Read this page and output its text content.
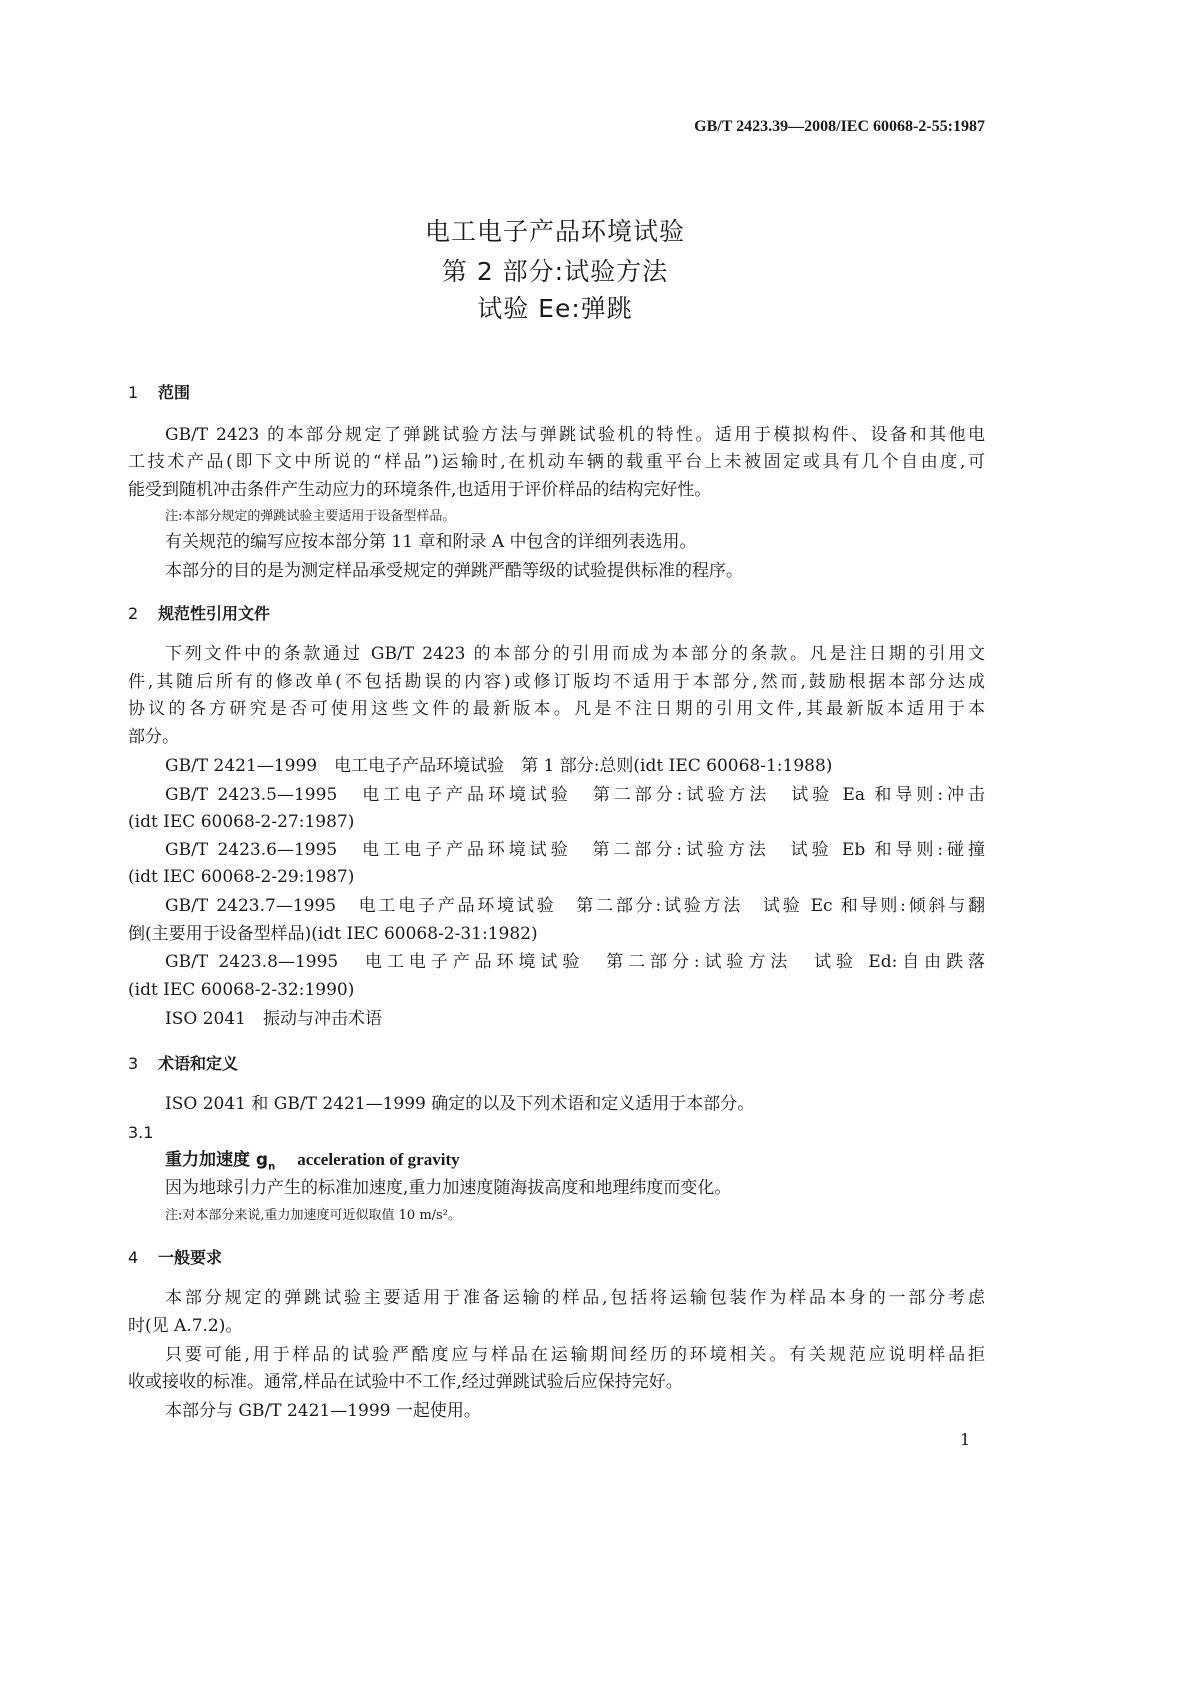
GB/T 2423.39—2008/IEC 60068-2-55:1987
电工电子产品环境试验
第 2 部分:试验方法
试验 Ee:弹跳
1 范围
GB/T 2423 的本部分规定了弹跳试验方法与弹跳试验机的特性。适用于模拟构件、设备和其他电
工技术产品(即下文中所说的“样品”)运输时,在机动车辆的载重平台上未被固定或具有几个自由度,可
能受到随机冲击条件产生动应力的环境条件,也适用于评价样品的结构完好性。
注:本部分规定的弹跳试验主要适用于设备型样品。
有关规范的编写应按本部分第 11 章和附录 A 中包含的详细列表选用。
本部分的目的是为测定样品承受规定的弹跳严酷等级的试验提供标准的程序。
2 规范性引用文件
下列文件中的条款通过 GB/T 2423 的本部分的引用而成为本部分的条款。凡是注日期的引用文
件,其随后所有的修改单(不包括勘误的内容)或修订版均不适用于本部分,然而,鼓励根据本部分达成
协议的各方研究是否可使用这些文件的最新版本。凡是不注日期的引用文件,其最新版本适用于本
部分。
GB/T 2421—1999　电工电子产品环境试验　第 1 部分:总则(idt IEC 60068-1:1988)
GB/T 2423.5—1995　电工电子产品环境试验　第二部分:试验方法　试验 Ea 和导则:冲击
(idt IEC 60068-2-27:1987)
GB/T 2423.6—1995　电工电子产品环境试验　第二部分:试验方法　试验 Eb 和导则:碰撞
(idt IEC 60068-2-29:1987)
GB/T 2423.7—1995　电工电子产品环境试验　第二部分:试验方法　试验 Ec 和导则:倾斜与翻
倒(主要用于设备型样品)(idt IEC 60068-2-31:1982)
GB/T 2423.8—1995　电工电子产品环境试验　第二部分:试验方法　试验 Ed:自由跌落
(idt IEC 60068-2-32:1990)
ISO 2041　振动与冲击术语
3 术语和定义
ISO 2041 和 GB/T 2421—1999 确定的以及下列术语和定义适用于本部分。
3.1
重力加速度 $g_n$ acceleration of gravity
因为地球引力产生的标准加速度,重力加速度随海拔高度和地理纬度而变化。
注:对本部分来说,重力加速度可近似取值 10 m/s²。
4 一般要求
本部分规定的弹跳试验主要适用于准备运输的样品,包括将运输包装作为样品本身的一部分考虑
时(见 A.7.2)。
只要可能,用于样品的试验严酷度应与样品在运输期间经历的环境相关。有关规范应说明样品拒
收或接收的标准。通常,样品在试验中不工作,经过弹跳试验后应保持完好。
本部分与 GB/T 2421—1999 一起使用。
1
